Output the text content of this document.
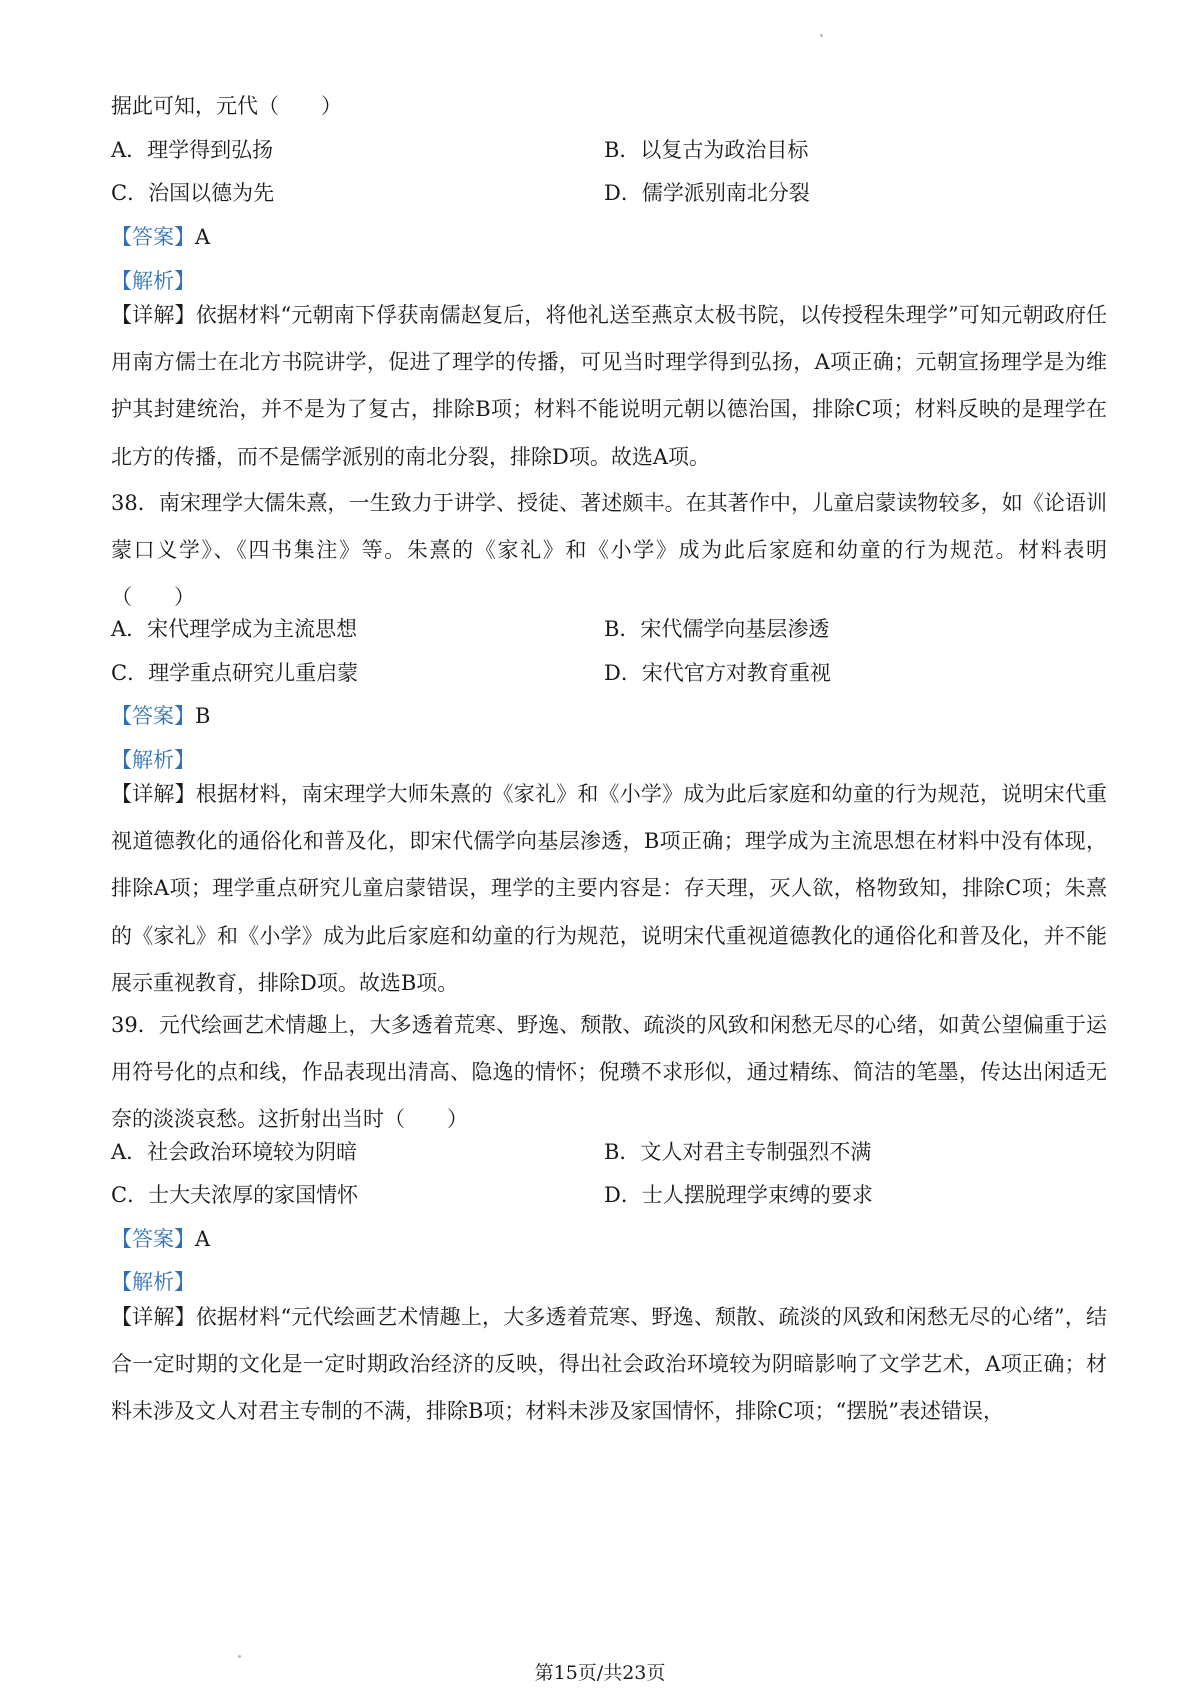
据此可知，元代（　　）
A．理学得到弘扬	B．以复古为政治目标
C．治国以德为先	D．儒学派别南北分裂
【答案】A
【解析】
【详解】依据材料“元朝南下俘获南儒赵复后，将他礼送至燕京太极书院，以传授程朱理学”可知元朝政府任用南方儒士在北方书院讲学，促进了理学的传播，可见当时理学得到弘扬，A项正确；元朝宣扬理学是为维护其封建统治，并不是为了复古，排除B项；材料不能说明元朝以德治国，排除C项；材料反映的是理学在北方的传播，而不是儒学派别的南北分裂，排除D项。故选A项。
38．南宋理学大儒朱熹，一生致力于讲学、授徒、著述颇丰。在其著作中，儿童启蒙读物较多，如《论语训蒙口义学》、《四书集注》等。朱熹的《家礼》和《小学》成为此后家庭和幼童的行为规范。材料表明（　　）
A．宋代理学成为主流思想	B．宋代儒学向基层渗透
C．理学重点研究儿重启蒙	D．宋代官方对教育重视
【答案】B
【解析】
【详解】根据材料，南宋理学大师朱熹的《家礼》和《小学》成为此后家庭和幼童的行为规范，说明宋代重视道德教化的通俗化和普及化，即宋代儒学向基层渗透，B项正确；理学成为主流思想在材料中没有体现，排除A项；理学重点研究儿童启蒙错误，理学的主要内容是：存天理，灭人欲，格物致知，排除C项；朱熹的《家礼》和《小学》成为此后家庭和幼童的行为规范，说明宋代重视道德教化的通俗化和普及化，并不能展示重视教育，排除D项。故选B项。
39．元代绘画艺术情趣上，大多透着荒寒、野逸、颓散、疏淡的风致和闲愁无尽的心绪，如黄公望偏重于运用符号化的点和线，作品表现出清高、隐逸的情怀；倪瓒不求形似，通过精练、简洁的笔墨，传达出闲适无奈的淡淡哀愁。这折射出当时（　　）
A．社会政治环境较为阴暗	B．文人对君主专制强烈不满
C．士大夫浓厚的家国情怀	D．士人摆脱理学束缚的要求
【答案】A
【解析】
【详解】依据材料“元代绘画艺术情趣上，大多透着荒寒、野逸、颓散、疏淡的风致和闲愁无尽的心绪”，结合一定时期的文化是一定时期政治经济的反映，得出社会政治环境较为阴暗影响了文学艺术，A项正确；材料未涉及文人对君主专制的不满，排除B项；材料未涉及家国情怀，排除C项；“摆脱”表述错误，
第15页/共23页
